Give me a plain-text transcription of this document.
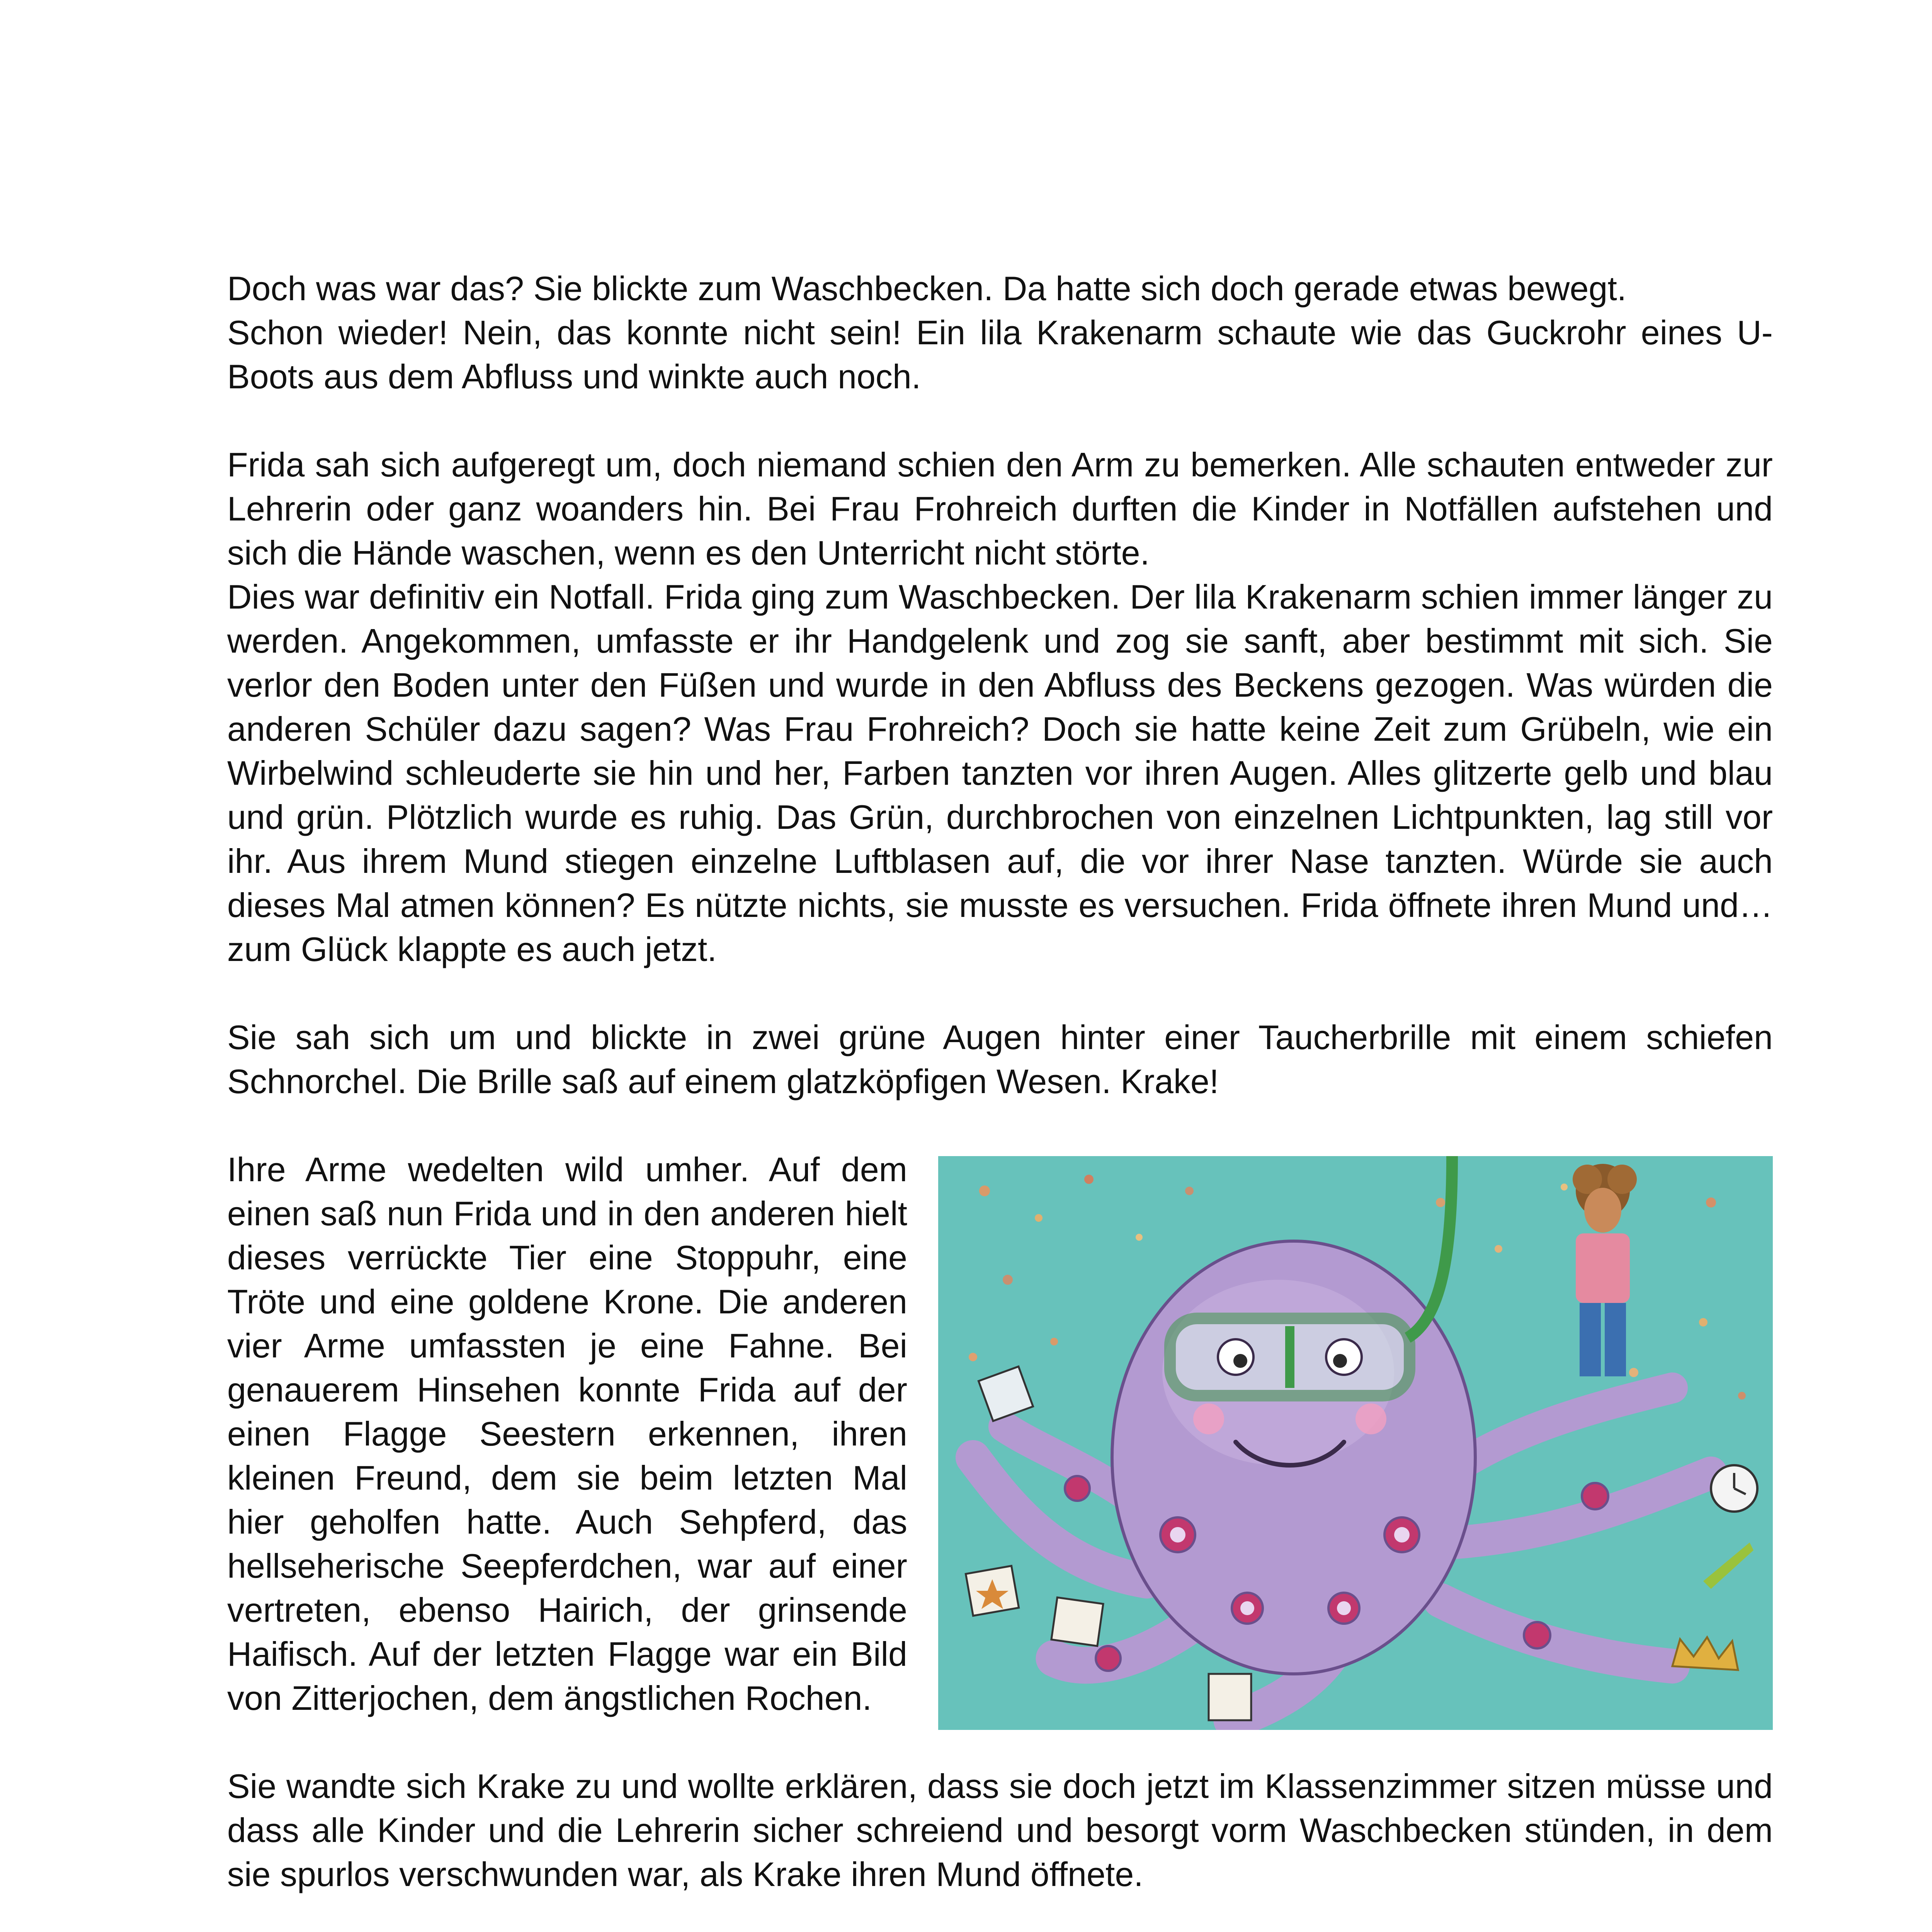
Doch was war das? Sie blickte zum Waschbecken. Da hatte sich doch gerade etwas bewegt.

Schon wieder! Nein, das konnte nicht sein! Ein lila Krakenarm schaute wie das Guckrohr eines U-Boots aus dem Abfluss und winkte auch noch.

Frida sah sich aufgeregt um, doch niemand schien den Arm zu bemerken. Alle schauten entweder zur Lehrerin oder ganz woanders hin. Bei Frau Frohreich durften die Kinder in Notfällen aufstehen und sich die Hände waschen, wenn es den Unterricht nicht störte.

Dies war definitiv ein Notfall. Frida ging zum Waschbecken. Der lila Krakenarm schien immer länger zu werden. Angekommen, umfasste er ihr Handgelenk und zog sie sanft, aber bestimmt mit sich. Sie verlor den Boden unter den Füßen und wurde in den Abfluss des Beckens gezogen. Was würden die anderen Schüler dazu sagen? Was Frau Frohreich? Doch sie hatte keine Zeit zum Grübeln, wie ein Wirbelwind schleuderte sie hin und her, Farben tanzten vor ihren Augen. Alles glitzerte gelb und blau und grün. Plötzlich wurde es ruhig. Das Grün, durchbrochen von einzelnen Lichtpunkten, lag still vor ihr. Aus ihrem Mund stiegen einzelne Luftblasen auf, die vor ihrer Nase tanzten. Würde sie auch dieses Mal atmen können? Es nützte nichts, sie musste es versuchen. Frida öffnete ihren Mund und… zum Glück klappte es auch jetzt.

Sie sah sich um und blickte in zwei grüne Augen hinter einer Taucherbrille mit einem schiefen Schnorchel. Die Brille saß auf einem glatzköpfigen Wesen. Krake!

Ihre Arme wedelten wild umher. Auf dem einen saß nun Frida und in den anderen hielt dieses verrückte Tier eine Stoppuhr, eine Tröte und eine goldene Krone. Die anderen vier Arme umfassten je eine Fahne. Bei genauerem Hinsehen konnte Frida auf der einen Flagge Seestern erkennen, ihren kleinen Freund, dem sie beim letzten Mal hier geholfen hatte. Auch Sehpferd, das hellseherische Seepferdchen, war auf einer vertreten, ebenso Hairich, der grinsende Haifisch. Auf der letzten Flagge war ein Bild von Zitterjochen, dem ängstlichen Rochen.

Sie wandte sich Krake zu und wollte erklären, dass sie doch jetzt im Klassenzimmer sitzen müsse und dass alle Kinder und die Lehrerin sicher schreiend und besorgt vorm Waschbecken stünden, in dem sie spurlos verschwunden war, als Krake ihren Mund öffnete.
